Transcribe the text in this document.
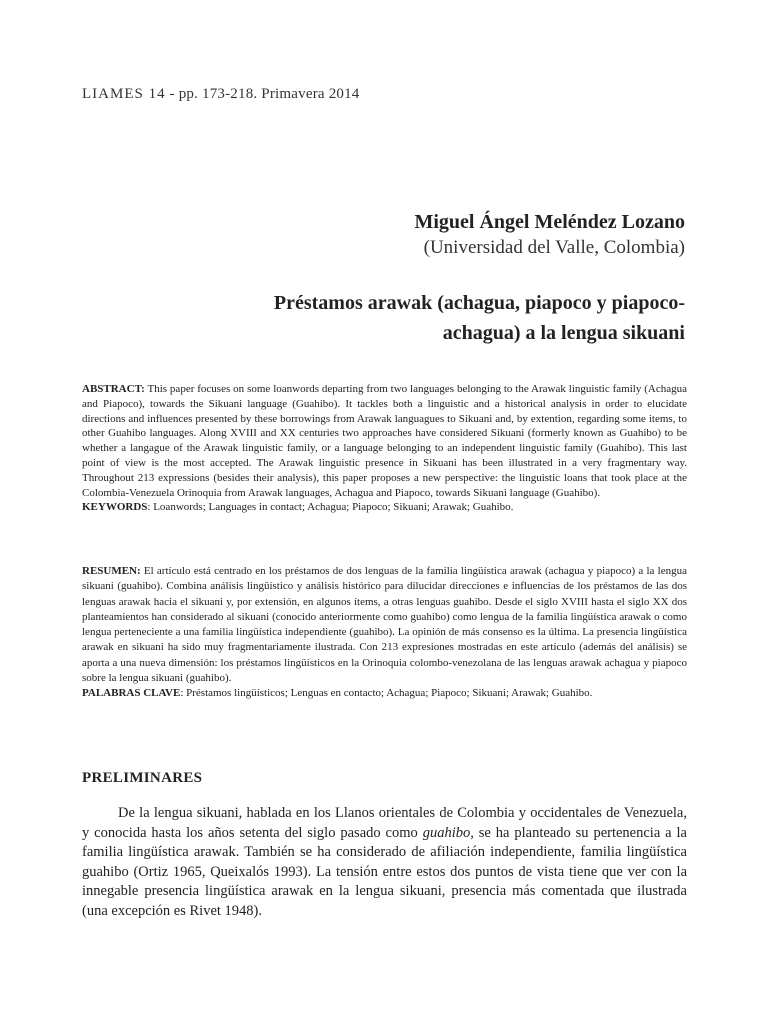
LIAMES 14 - pp. 173-218. Primavera 2014
Miguel Ángel Meléndez Lozano
(Universidad del Valle, Colombia)
Préstamos arawak (achagua, piapoco y piapoco-
achagua) a la lengua sikuani

ABSTRACT: This paper focuses on some loanwords departing from two languages belonging to the Arawak linguistic family (Achagua and Piapoco), towards the Sikuani language (Guahibo). It tackles both a linguistic and a historical analysis in order to elucidate directions and influences presented by these borrowings from Arawak languagues to Sikuani and, by extention, regarding some items, to other Guahibo languages. Along XVIII and XX centuries two approaches have considered Sikuani (formerly known as Guahibo) to be whether a langague of the Arawak linguistic family, or a language belonging to an independent linguistic family (Guahibo). This last point of view is the most accepted. The Arawak linguistic presence in Sikuani has been illustrated in a very fragmentary way. Throughout 213 expressions (besides their analysis), this paper proposes a new perspective: the linguistic loans that took place at the Colombia-Venezuela Orinoquia from Arawak languages, Achagua and Piapoco, towards Sikuani language (Guahibo).

KEYWORDS: Loanwords; Languages in contact; Achagua; Piapoco; Sikuani; Arawak; Guahibo.

RESUMEN: El artículo está centrado en los préstamos de dos lenguas de la familia lingüística arawak (achagua y piapoco) a la lengua sikuani (guahibo). Combina análisis lingüístico y análisis histórico para dilucidar direcciones e influencias de los préstamos de las dos lenguas arawak hacia el sikuani y, por extensión, en algunos ítems, a otras lenguas guahibo. Desde el siglo XVIII hasta el siglo XX dos planteamientos han considerado al sikuani (conocido anteriormente como guahibo) como lengua de la familia lingüística arawak o como lengua perteneciente a una familia lingüística independiente (guahibo). La opinión de más consenso es la última. La presencia lingüística arawak en sikuani ha sido muy fragmentariamente ilustrada. Con 213 expresiones mostradas en este artículo (además del análisis) se aporta a una nueva dimensión: los préstamos lingüísticos en la Orinoquia colombo-venezolana de las lenguas arawak achagua y piapoco sobre la lengua sikuani (guahibo).

PALABRAS CLAVE: Préstamos lingüísticos; Lenguas en contacto; Achagua; Piapoco; Sikuani; Arawak; Guahibo.

PRELIMINARES

De la lengua sikuani, hablada en los Llanos orientales de Colombia y occidentales de Venezuela, y conocida hasta los años setenta del siglo pasado como guahibo, se ha planteado su pertenencia a la familia lingüística arawak. También se ha considerado de afiliación independiente, familia lingüística guahibo (Ortiz 1965, Queixalós 1993). La tensión entre estos dos puntos de vista tiene que ver con la innegable presencia lingüística arawak en la lengua sikuani, presencia más comentada que ilustrada (una excepción es Rivet 1948).
